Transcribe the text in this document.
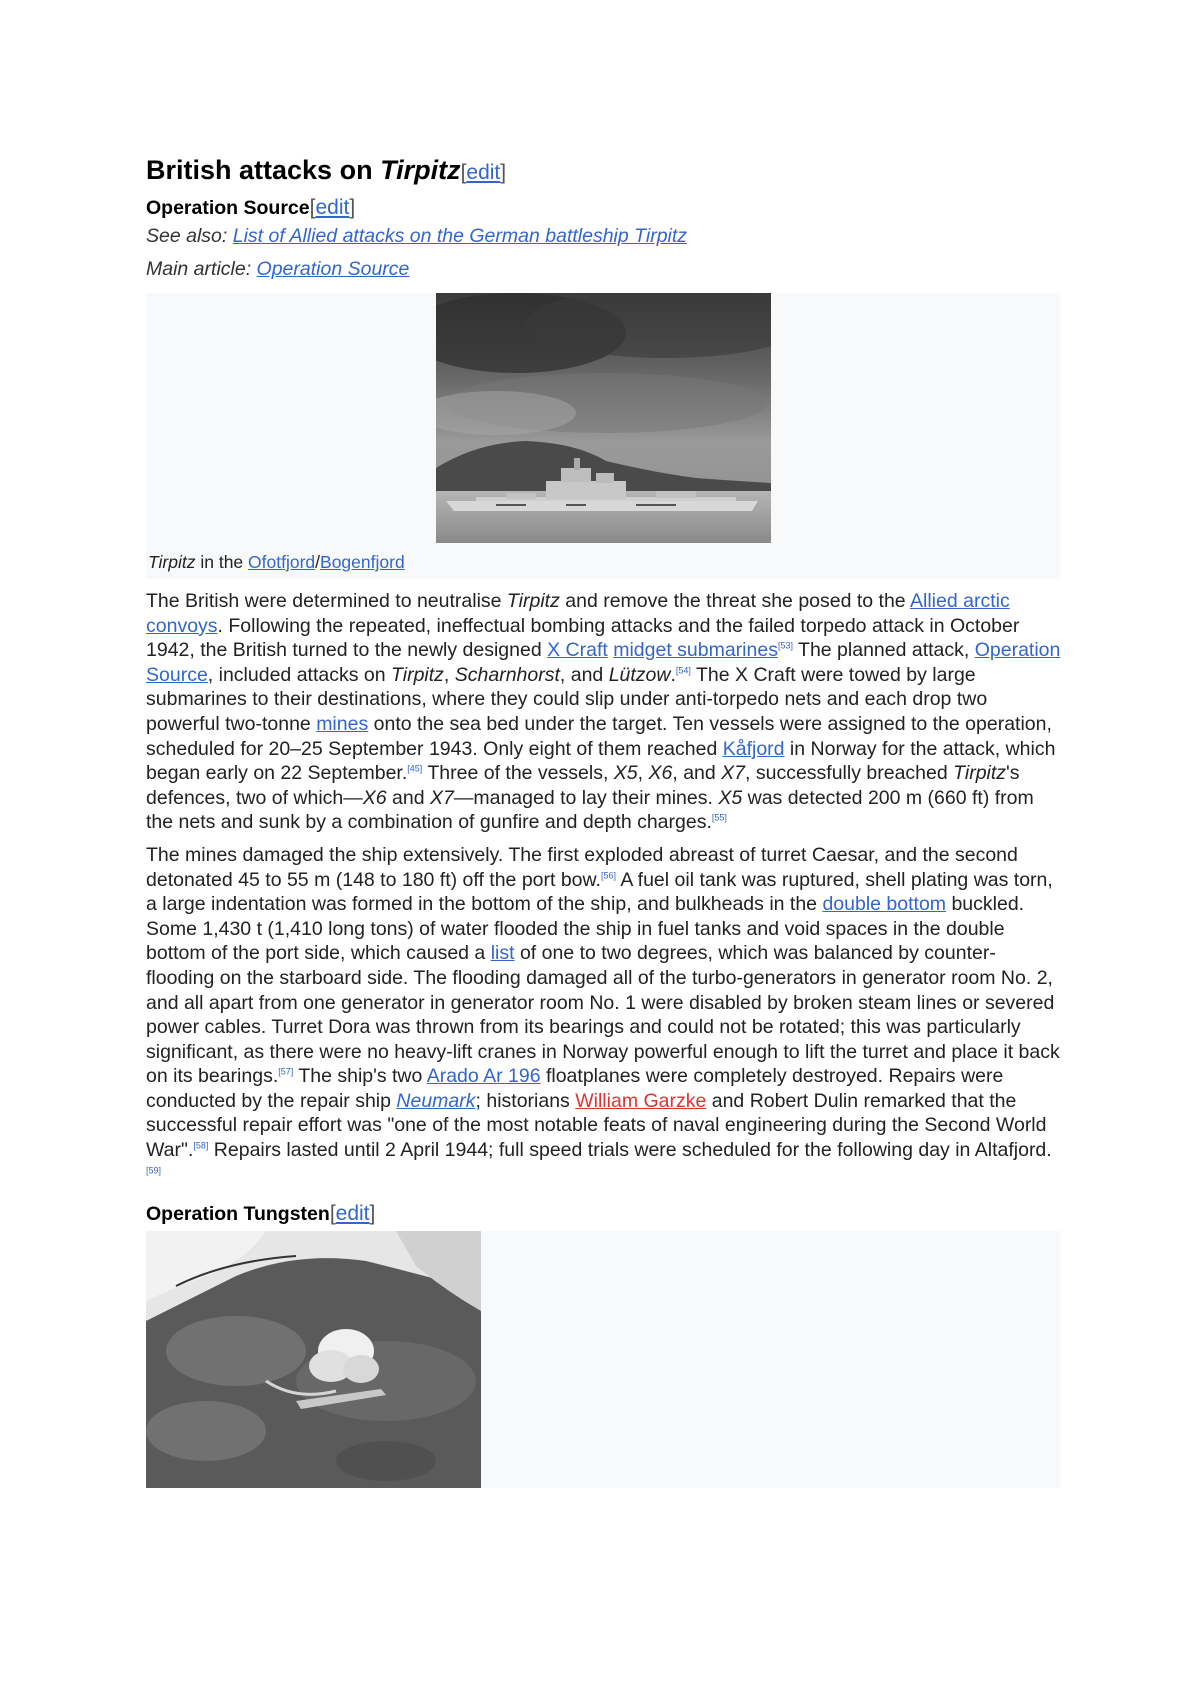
British attacks on Tirpitz[edit]
Operation Source[edit]

See also: List of Allied attacks on the German battleship Tirpitz

Main article: Operation Source

Tirpitz in the Ofotfjord/Bogenfjord

The British were determined to neutralise Tirpitz and remove the threat she posed to the Allied arctic convoys. Following the repeated, ineffectual bombing attacks and the failed torpedo attack in October 1942, the British turned to the newly designed X Craft midget submarines[53] The planned attack, Operation Source, included attacks on Tirpitz, Scharnhorst, and Lützow.[54] The X Craft were towed by large submarines to their destinations, where they could slip under anti-torpedo nets and each drop two powerful two-tonne mines onto the sea bed under the target. Ten vessels were assigned to the operation, scheduled for 20–25 September 1943. Only eight of them reached Kåfjord in Norway for the attack, which began early on 22 September.[45] Three of the vessels, X5, X6, and X7, successfully breached Tirpitz's defences, two of which—X6 and X7—managed to lay their mines. X5 was detected 200 m (660 ft) from the nets and sunk by a combination of gunfire and depth charges.[55]

The mines damaged the ship extensively. The first exploded abreast of turret Caesar, and the second detonated 45 to 55 m (148 to 180 ft) off the port bow.[56] A fuel oil tank was ruptured, shell plating was torn, a large indentation was formed in the bottom of the ship, and bulkheads in the double bottom buckled. Some 1,430 t (1,410 long tons) of water flooded the ship in fuel tanks and void spaces in the double bottom of the port side, which caused a list of one to two degrees, which was balanced by counter-flooding on the starboard side. The flooding damaged all of the turbo-generators in generator room No. 2, and all apart from one generator in generator room No. 1 were disabled by broken steam lines or severed power cables. Turret Dora was thrown from its bearings and could not be rotated; this was particularly significant, as there were no heavy-lift cranes in Norway powerful enough to lift the turret and place it back on its bearings.[57] The ship's two Arado Ar 196 floatplanes were completely destroyed. Repairs were conducted by the repair ship Neumark; historians William Garzke and Robert Dulin remarked that the successful repair effort was "one of the most notable feats of naval engineering during the Second World War".[58] Repairs lasted until 2 April 1944; full speed trials were scheduled for the following day in Altafjord.[59]

Operation Tungsten[edit]
